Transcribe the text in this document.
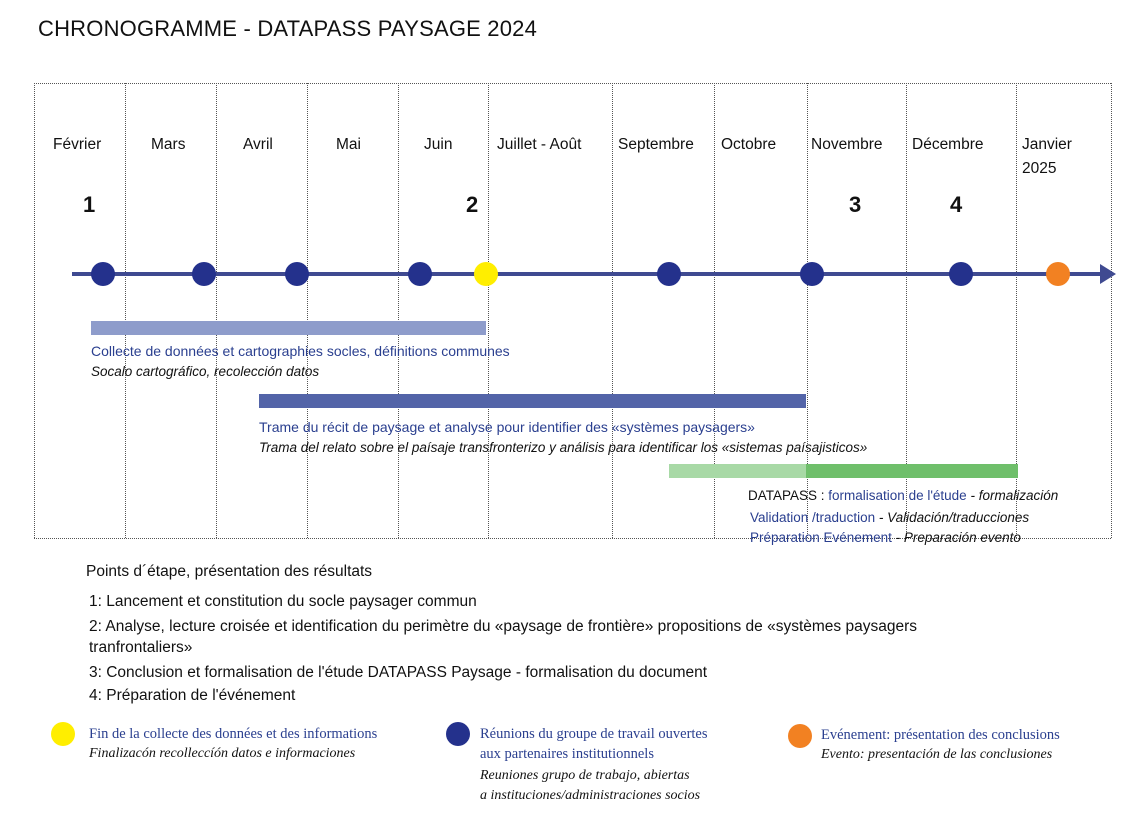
CHRONOGRAMME - DATAPASS PAYSAGE 2024
Février	Mars	Avril	Mai	Juin	Juillet - Août Septembre Octobre Novembre Décembre Janvier
2025
1	2	3	4
Collecte de données et cartographies socles, définitions communes
Socalo cartográfico, recolección datos
Trame du récit de paysage et analyse pour identifier des «systèmes paysagers»
Trama del relato sobre el paísaje transfronterizo y análisis para identificar los «sistemas paísajisticos»
DATAPASS : formalisation de l'étude - formalización
Validation /traduction - Validación/traducciones
Préparation Evénement - Preparación evento
Points d´étape, présentation des résultats
1: Lancement et constitution du socle paysager commun
2: Analyse, lecture croisée et identification du perimètre du «paysage de frontière» propositions de «systèmes paysagers
tranfrontaliers»
3: Conclusion et formalisation de l'étude DATAPASS Paysage - formalisation du document
4: Préparation de l'événement
Fin de la collecte des données et des informations
Finalizacón recolleccíón datos e informaciones
Réunions du groupe de travail ouvertes
aux partenaires institutionnels
Reuniones grupo de trabajo, abiertas
a instituciones/administraciones socios
Evénement: présentation des conclusions
Evento: presentación de las conclusiones
